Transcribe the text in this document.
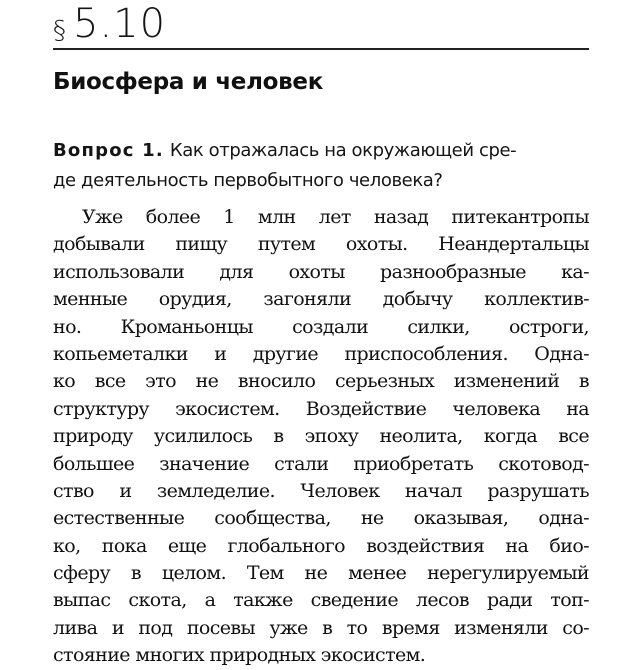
§ 5.10
Биосфера и человек
Вопрос 1. Как отражалась на окружающей сре-
де деятельность первобытного человека?
Уже более 1 млн лет назад питекантропы
добывали пищу путем охоты. Неандертальцы
использовали для охоты разнообразные ка-
менные орудия, загоняли добычу коллектив-
но. Кроманьонцы создали силки, остроги,
копьеметалки и другие приспособления. Одна-
ко все это не вносило серьезных изменений в
структуру экосистем. Воздействие человека на
природу усилилось в эпоху неолита, когда все
большее значение стали приобретать скотовод-
ство и земледелие. Человек начал разрушать
естественные сообщества, не оказывая, одна-
ко, пока еще глобального воздействия на био-
сферу в целом. Тем не менее нерегулируемый
выпас скота, а также сведение лесов ради топ-
лива и под посевы уже в то время изменяли со-
стояние многих природных экосистем.
